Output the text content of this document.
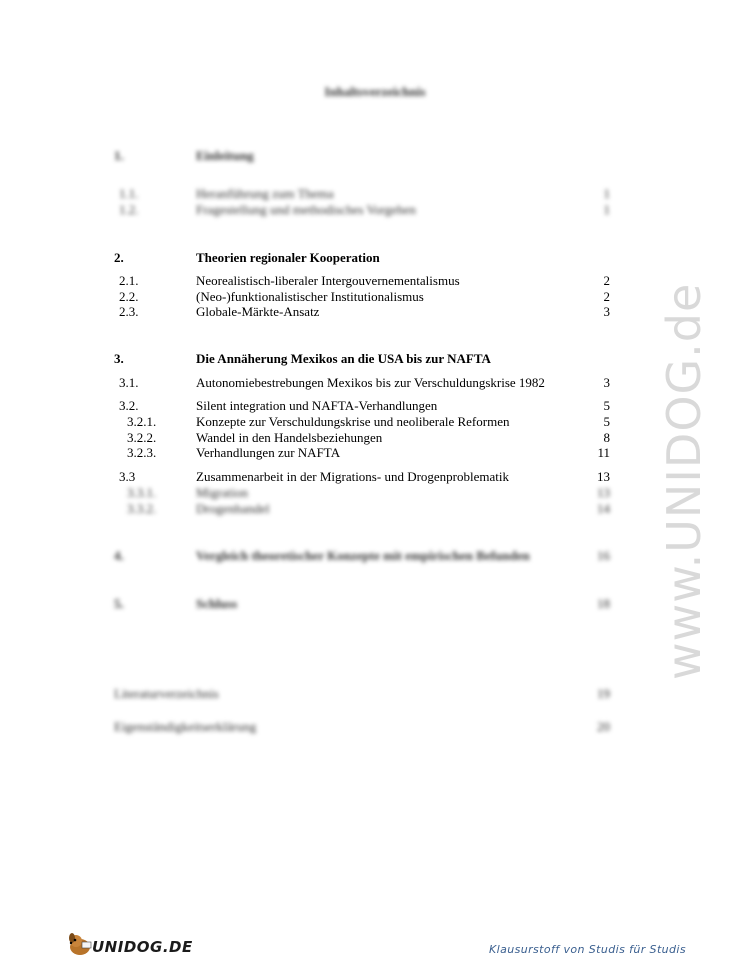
Inhaltsverzeichnis
1.	Einleitung
1.1.	Heranführung zum Thema	1
1.2.	Fragestellung und methodisches Vorgehen	1
2.	Theorien regionaler Kooperation
2.1.	Neorealistisch-liberaler Intergouvernementalismus	2
2.2.	(Neo-)funktionalistischer Institutionalismus	2
2.3.	Globale-Märkte-Ansatz	3
3.	Die Annäherung Mexikos an die USA bis zur NAFTA
3.1.	Autonomiebestrebungen Mexikos bis zur Verschuldungskrise 1982	3
3.2.	Silent integration und NAFTA-Verhandlungen	5
3.2.1.	Konzepte zur Verschuldungskrise und neoliberale Reformen	5
3.2.2.	Wandel in den Handelsbeziehungen	8
3.2.3.	Verhandlungen zur NAFTA	11
3.3	Zusammenarbeit in der Migrations- und Drogenproblematik	13
3.3.1.	Migration	13
3.3.2.	Drogenhandel	14
4.	Vergleich theoretischer Konzepte mit empirischen Befunden	16
5.	Schluss	18
Literaturverzeichnis	19
Eigenständigkeitserklärung	20
www.UNIDOG.de
UNIDOG.DE	Klausurstoff von Studis für Studis
